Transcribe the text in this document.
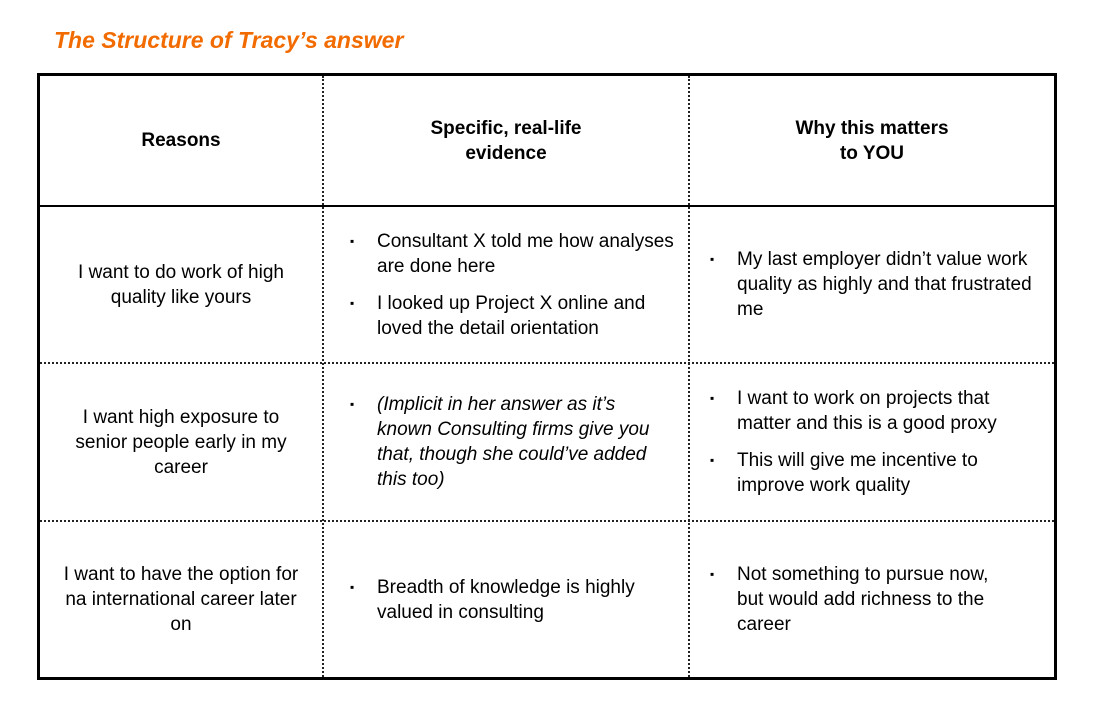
The Structure of Tracy’s answer
Reasons
Specific, real-life
evidence
Why this matters
to YOU
I want to do work of high quality like yours
▪ Consultant X told me how analyses are done here
▪ I looked up Project X online and loved the detail orientation
▪ My last employer didn’t value work quality as highly and that frustrated me
I want high exposure to senior people early in my career
▪ (Implicit in her answer as it’s known Consulting firms give you that, though she could’ve added this too)
▪ I want to work on projects that matter and this is a good proxy
▪ This will give me incentive to improve work quality
I want to have the option for na international career later on
▪ Breadth of knowledge is highly valued in consulting
▪ Not something to pursue now, but would add richness to the career
